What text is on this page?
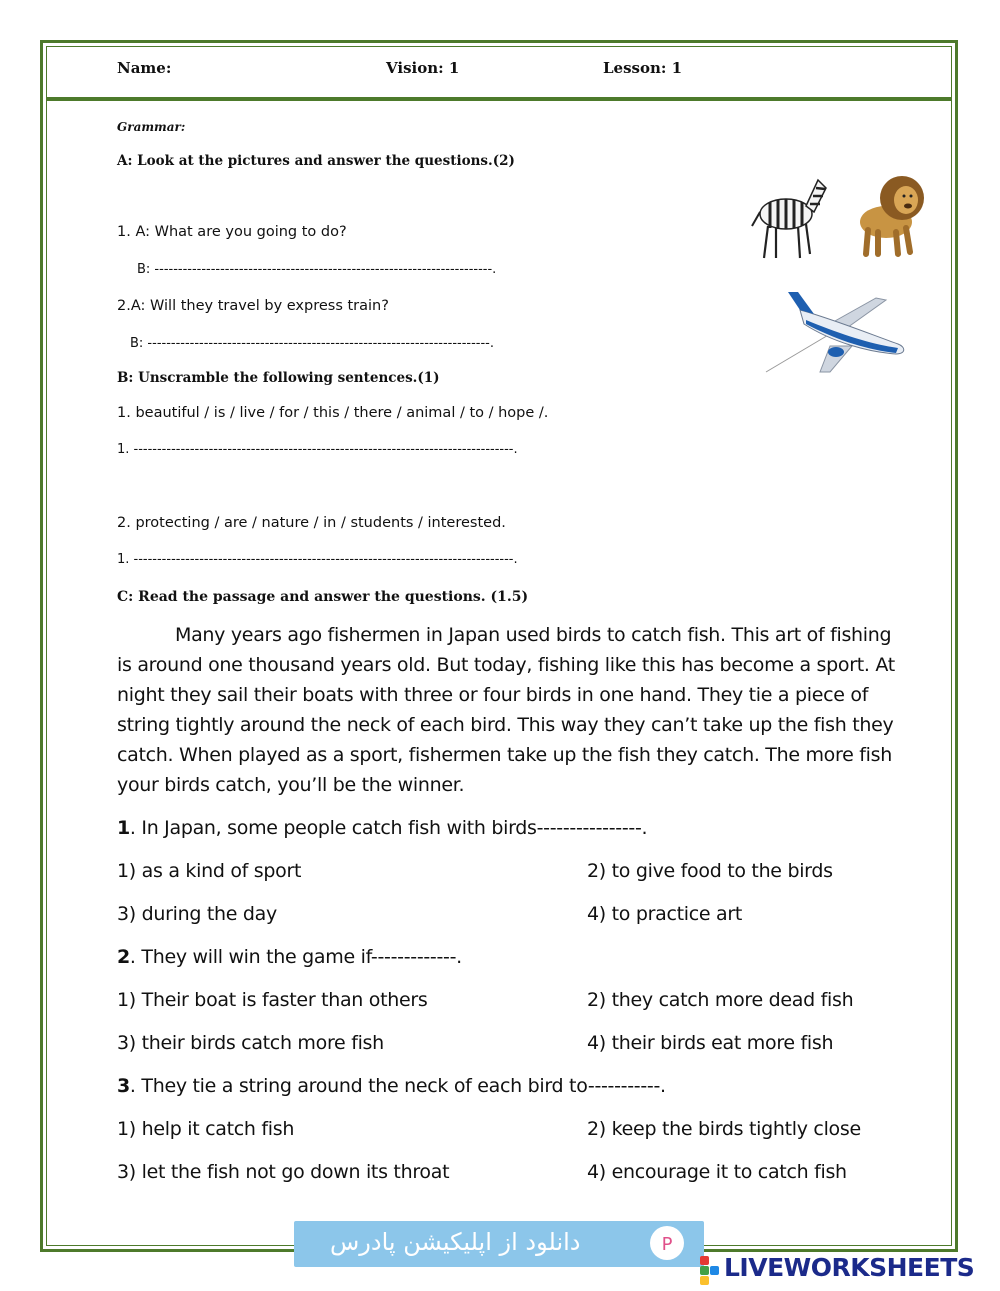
Name:	Vision: 1	Lesson: 1
Grammar:
A: Look at the pictures and answer the questions.(2)
1. A: What are you going to do?
B: ------------------------------------------------------------------------.
2.A: Will they travel by express train?
B: -------------------------------------------------------------------------.
B: Unscramble the following sentences.(1)
1. beautiful / is / live / for / this / there / animal / to / hope /.
1. ---------------------------------------------------------------------------------.
2. protecting / are / nature / in / students / interested.
1. ---------------------------------------------------------------------------------.
C: Read the passage and answer the questions. (1.5)
Many years ago fishermen in Japan used birds to catch fish. This art of fishing is around one thousand years old. But today, fishing like this has become a sport. At night they sail their boats with three or four birds in one hand. They tie a piece of string tightly around the neck of each bird. This way they can’t take up the fish they catch. When played as a sport, fishermen take up the fish they catch. The more fish your birds catch, you’ll be the winner.
1. In Japan, some people catch fish with birds----------------.
1) as a kind of sport	2) to give food to the birds
3) during the day	4) to practice art
2. They will win the game if-------------.
1) Their boat is faster than others	2) they catch more dead fish
3) their birds catch more fish	4) their birds eat more fish
3. They tie a string around the neck of each bird to-----------.
1) help it catch fish	2) keep the birds tightly close
3) let the fish not go down its throat	4) encourage it to catch fish
دانلود از اپلیکیشن پادرس	P
LIVEWORKSHEETS
